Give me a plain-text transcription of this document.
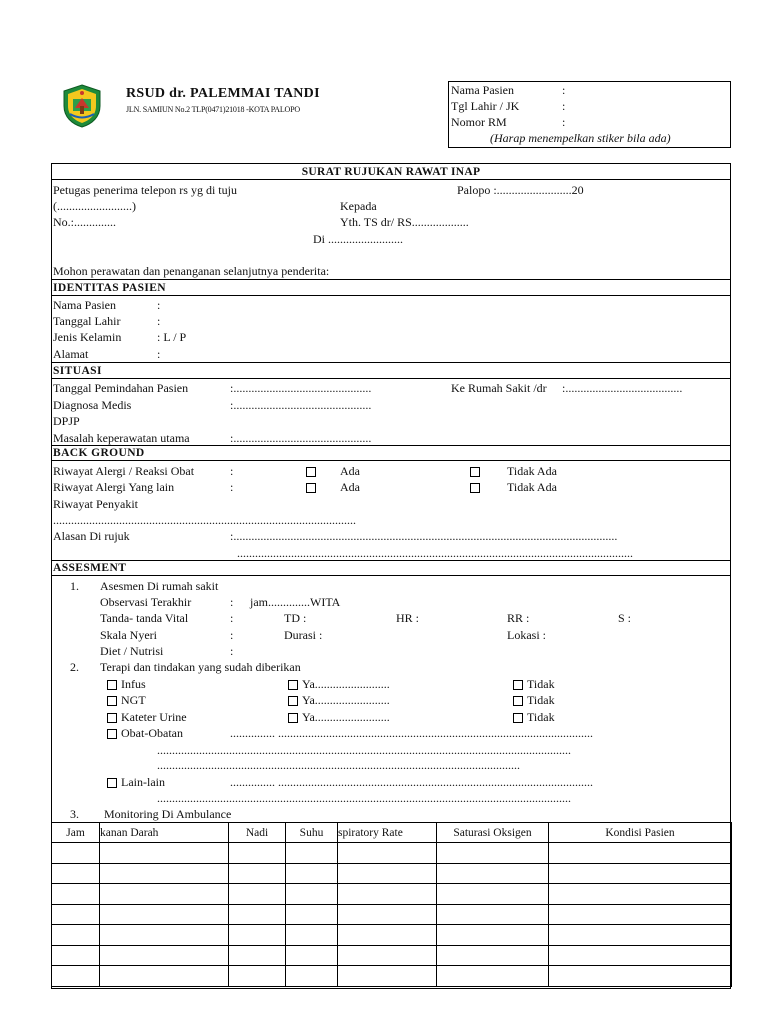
RSUD dr. PALEMMAI TANDI
JLN. SAMIUN No.2 TLP(0471)21018 -KOTA PALOPO
Nama Pasien	:
Tgl Lahir / JK	:
Nomor RM	:
(Harap menempelkan stiker bila ada)
SURAT RUJUKAN RAWAT INAP
Petugas penerima telepon rs yg di tuju	Palopo :.........................20
(.........................)	Kepada
No.:..............	Yth. TS dr/ RS...................
Di .........................
Mohon perawatan dan penanganan selanjutnya penderita:
IDENTITAS PASIEN
Nama Pasien	:
Tanggal Lahir	:
Jenis Kelamin	: L / P
Alamat	:
SITUASI
Tanggal Pemindahan Pasien	:..............................................	Ke Rumah Sakit /dr :.......................................
Diagnosa Medis	:..............................................
DPJP
Masalah keperawatan utama	:..............................................
BACK GROUND
Riwayat Alergi / Reaksi Obat	:	Ada	Tidak Ada
Riwayat Alergi Yang lain	:	Ada	Tidak Ada
Riwayat Penyakit
.....................................................................................................
Alasan Di rujuk	:................................................................................................................................
....................................................................................................................................
ASSESMENT
1. Asesmen Di rumah sakit
Observasi Terakhir	: jam..............WITA
Tanda- tanda Vital	:	TD :	HR :	RR :	S :
Skala Nyeri	:	Durasi :	Lokasi :
Diet / Nutrisi	:
2. Terapi dan tindakan yang sudah diberikan
Infus	Ya.........................	Tidak
NGT	Ya.........................	Tidak
Kateter Urine	Ya.........................	Tidak
Obat-Obatan	............... .........................................................................................................
..........................................................................................................................................
.........................................................................................................................
Lain-lain	............... .........................................................................................................
..........................................................................................................................................
3. Monitoring Di Ambulance
Jam	kanan Darah	Nadi	Suhu	spiratory Rate	Saturasi Oksigen	Kondisi Pasien
